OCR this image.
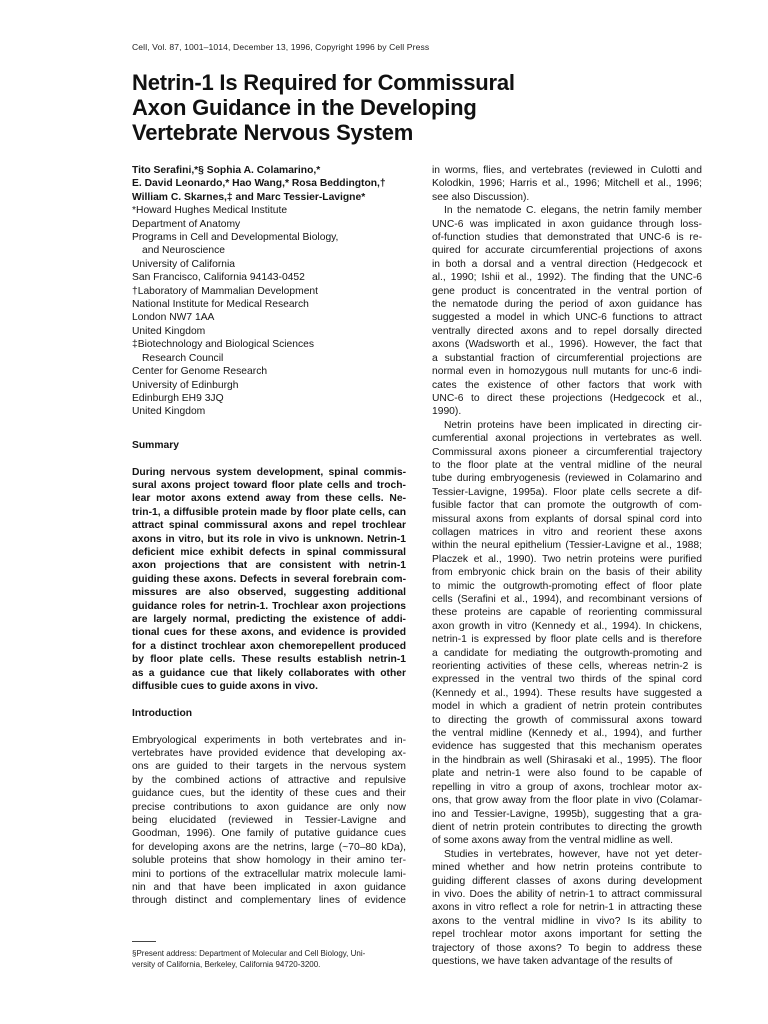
Cell, Vol. 87, 1001–1014, December 13, 1996, Copyright 1996 by Cell Press
Netrin-1 Is Required for Commissural
Axon Guidance in the Developing
Vertebrate Nervous System
Tito Serafini,*§ Sophia A. Colamarino,*
E. David Leonardo,* Hao Wang,* Rosa Beddington,†
William C. Skarnes,‡ and Marc Tessier-Lavigne*
*Howard Hughes Medical Institute
Department of Anatomy
Programs in Cell and Developmental Biology,
and Neuroscience
University of California
San Francisco, California 94143-0452
†Laboratory of Mammalian Development
National Institute for Medical Research
London NW7 1AA
United Kingdom
‡Biotechnology and Biological Sciences
Research Council
Center for Genome Research
University of Edinburgh
Edinburgh EH9 3JQ
United Kingdom
Summary
During nervous system development, spinal commis-
sural axons project toward floor plate cells and troch-
lear motor axons extend away from these cells. Ne-
trin-1, a diffusible protein made by floor plate cells, can
attract spinal commissural axons and repel trochlear
axons in vitro, but its role in vivo is unknown. Netrin-1
deficient mice exhibit defects in spinal commissural
axon projections that are consistent with netrin-1
guiding these axons. Defects in several forebrain com-
missures are also observed, suggesting additional
guidance roles for netrin-1. Trochlear axon projections
are largely normal, predicting the existence of addi-
tional cues for these axons, and evidence is provided
for a distinct trochlear axon chemorepellent produced
by floor plate cells. These results establish netrin-1
as a guidance cue that likely collaborates with other
diffusible cues to guide axons in vivo.
Introduction
Embryological experiments in both vertebrates and in-
vertebrates have provided evidence that developing ax-
ons are guided to their targets in the nervous system
by the combined actions of attractive and repulsive
guidance cues, but the identity of these cues and their
precise contributions to axon guidance are only now
being elucidated (reviewed in Tessier-Lavigne and
Goodman, 1996). One family of putative guidance cues
for developing axons are the netrins, large (~70–80 kDa),
soluble proteins that show homology in their amino ter-
mini to portions of the extracellular matrix molecule lami-
nin and that have been implicated in axon guidance
through distinct and complementary lines of evidence
§Present address: Department of Molecular and Cell Biology, Uni-
versity of California, Berkeley, California 94720-3200.
in worms, flies, and vertebrates (reviewed in Culotti and
Kolodkin, 1996; Harris et al., 1996; Mitchell et al., 1996;
see also Discussion).
In the nematode C. elegans, the netrin family member
UNC-6 was implicated in axon guidance through loss-
of-function studies that demonstrated that UNC-6 is re-
quired for accurate circumferential projections of axons
in both a dorsal and a ventral direction (Hedgecock et
al., 1990; Ishii et al., 1992). The finding that the UNC-6
gene product is concentrated in the ventral portion of
the nematode during the period of axon guidance has
suggested a model in which UNC-6 functions to attract
ventrally directed axons and to repel dorsally directed
axons (Wadsworth et al., 1996). However, the fact that
a substantial fraction of circumferential projections are
normal even in homozygous null mutants for unc-6 indi-
cates the existence of other factors that work with
UNC-6 to direct these projections (Hedgecock et al.,
1990).
Netrin proteins have been implicated in directing cir-
cumferential axonal projections in vertebrates as well.
Commissural axons pioneer a circumferential trajectory
to the floor plate at the ventral midline of the neural
tube during embryogenesis (reviewed in Colamarino and
Tessier-Lavigne, 1995a). Floor plate cells secrete a dif-
fusible factor that can promote the outgrowth of com-
missural axons from explants of dorsal spinal cord into
collagen matrices in vitro and reorient these axons
within the neural epithelium (Tessier-Lavigne et al., 1988;
Placzek et al., 1990). Two netrin proteins were purified
from embryonic chick brain on the basis of their ability
to mimic the outgrowth-promoting effect of floor plate
cells (Serafini et al., 1994), and recombinant versions of
these proteins are capable of reorienting commissural
axon growth in vitro (Kennedy et al., 1994). In chickens,
netrin-1 is expressed by floor plate cells and is therefore
a candidate for mediating the outgrowth-promoting and
reorienting activities of these cells, whereas netrin-2 is
expressed in the ventral two thirds of the spinal cord
(Kennedy et al., 1994). These results have suggested a
model in which a gradient of netrin protein contributes
to directing the growth of commissural axons toward
the ventral midline (Kennedy et al., 1994), and further
evidence has suggested that this mechanism operates
in the hindbrain as well (Shirasaki et al., 1995). The floor
plate and netrin-1 were also found to be capable of
repelling in vitro a group of axons, trochlear motor ax-
ons, that grow away from the floor plate in vivo (Colamar-
ino and Tessier-Lavigne, 1995b), suggesting that a gra-
dient of netrin protein contributes to directing the growth
of some axons away from the ventral midline as well.
Studies in vertebrates, however, have not yet deter-
mined whether and how netrin proteins contribute to
guiding different classes of axons during development
in vivo. Does the ability of netrin-1 to attract commissural
axons in vitro reflect a role for netrin-1 in attracting these
axons to the ventral midline in vivo? Is its ability to
repel trochlear motor axons important for setting the
trajectory of those axons? To begin to address these
questions, we have taken advantage of the results of
